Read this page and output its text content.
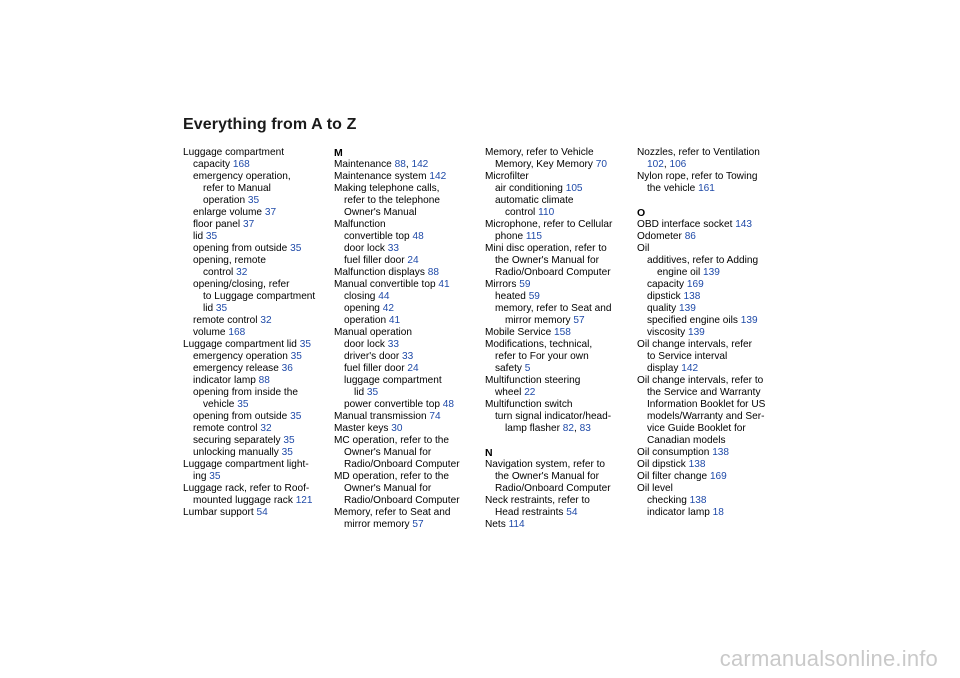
Everything from A to Z
Luggage compartment
capacity 168
emergency operation,
refer to Manual
operation 35
enlarge volume 37
floor panel 37
lid 35
opening from outside 35
opening, remote
control 32
opening/closing, refer
to Luggage compartment
lid 35
remote control 32
volume 168
Luggage compartment lid 35
emergency operation 35
emergency release 36
indicator lamp 88
opening from inside the
vehicle 35
opening from outside 35
remote control 32
securing separately 35
unlocking manually 35
Luggage compartment light-
ing 35
Luggage rack, refer to Roof-
mounted luggage rack 121
Lumbar support 54
M
Maintenance 88, 142
Maintenance system 142
Making telephone calls,
refer to the telephone
Owner's Manual
Malfunction
convertible top 48
door lock 33
fuel filler door 24
Malfunction displays 88
Manual convertible top 41
closing 44
opening 42
operation 41
Manual operation
door lock 33
driver's door 33
fuel filler door 24
luggage compartment
lid 35
power convertible top 48
Manual transmission 74
Master keys 30
MC operation, refer to the
Owner's Manual for
Radio/Onboard Computer
MD operation, refer to the
Owner's Manual for
Radio/Onboard Computer
Memory, refer to Seat and
mirror memory 57
Memory, refer to Vehicle
Memory, Key Memory 70
Microfilter
air conditioning 105
automatic climate
control 110
Microphone, refer to Cellular
phone 115
Mini disc operation, refer to
the Owner's Manual for
Radio/Onboard Computer
Mirrors 59
heated 59
memory, refer to Seat and
mirror memory 57
Mobile Service 158
Modifications, technical,
refer to For your own
safety 5
Multifunction steering
wheel 22
Multifunction switch
turn signal indicator/head-
lamp flasher 82, 83
N
Navigation system, refer to
the Owner's Manual for
Radio/Onboard Computer
Neck restraints, refer to
Head restraints 54
Nets 114
Nozzles, refer to Ventilation
102, 106
Nylon rope, refer to Towing
the vehicle 161
O
OBD interface socket 143
Odometer 86
Oil
additives, refer to Adding
engine oil 139
capacity 169
dipstick 138
quality 139
specified engine oils 139
viscosity 139
Oil change intervals, refer
to Service interval
display 142
Oil change intervals, refer to
the Service and Warranty
Information Booklet for US
models/Warranty and Ser-
vice Guide Booklet for
Canadian models
Oil consumption 138
Oil dipstick 138
Oil filter change 169
Oil level
checking 138
indicator lamp 18
carmanualsonline.info
